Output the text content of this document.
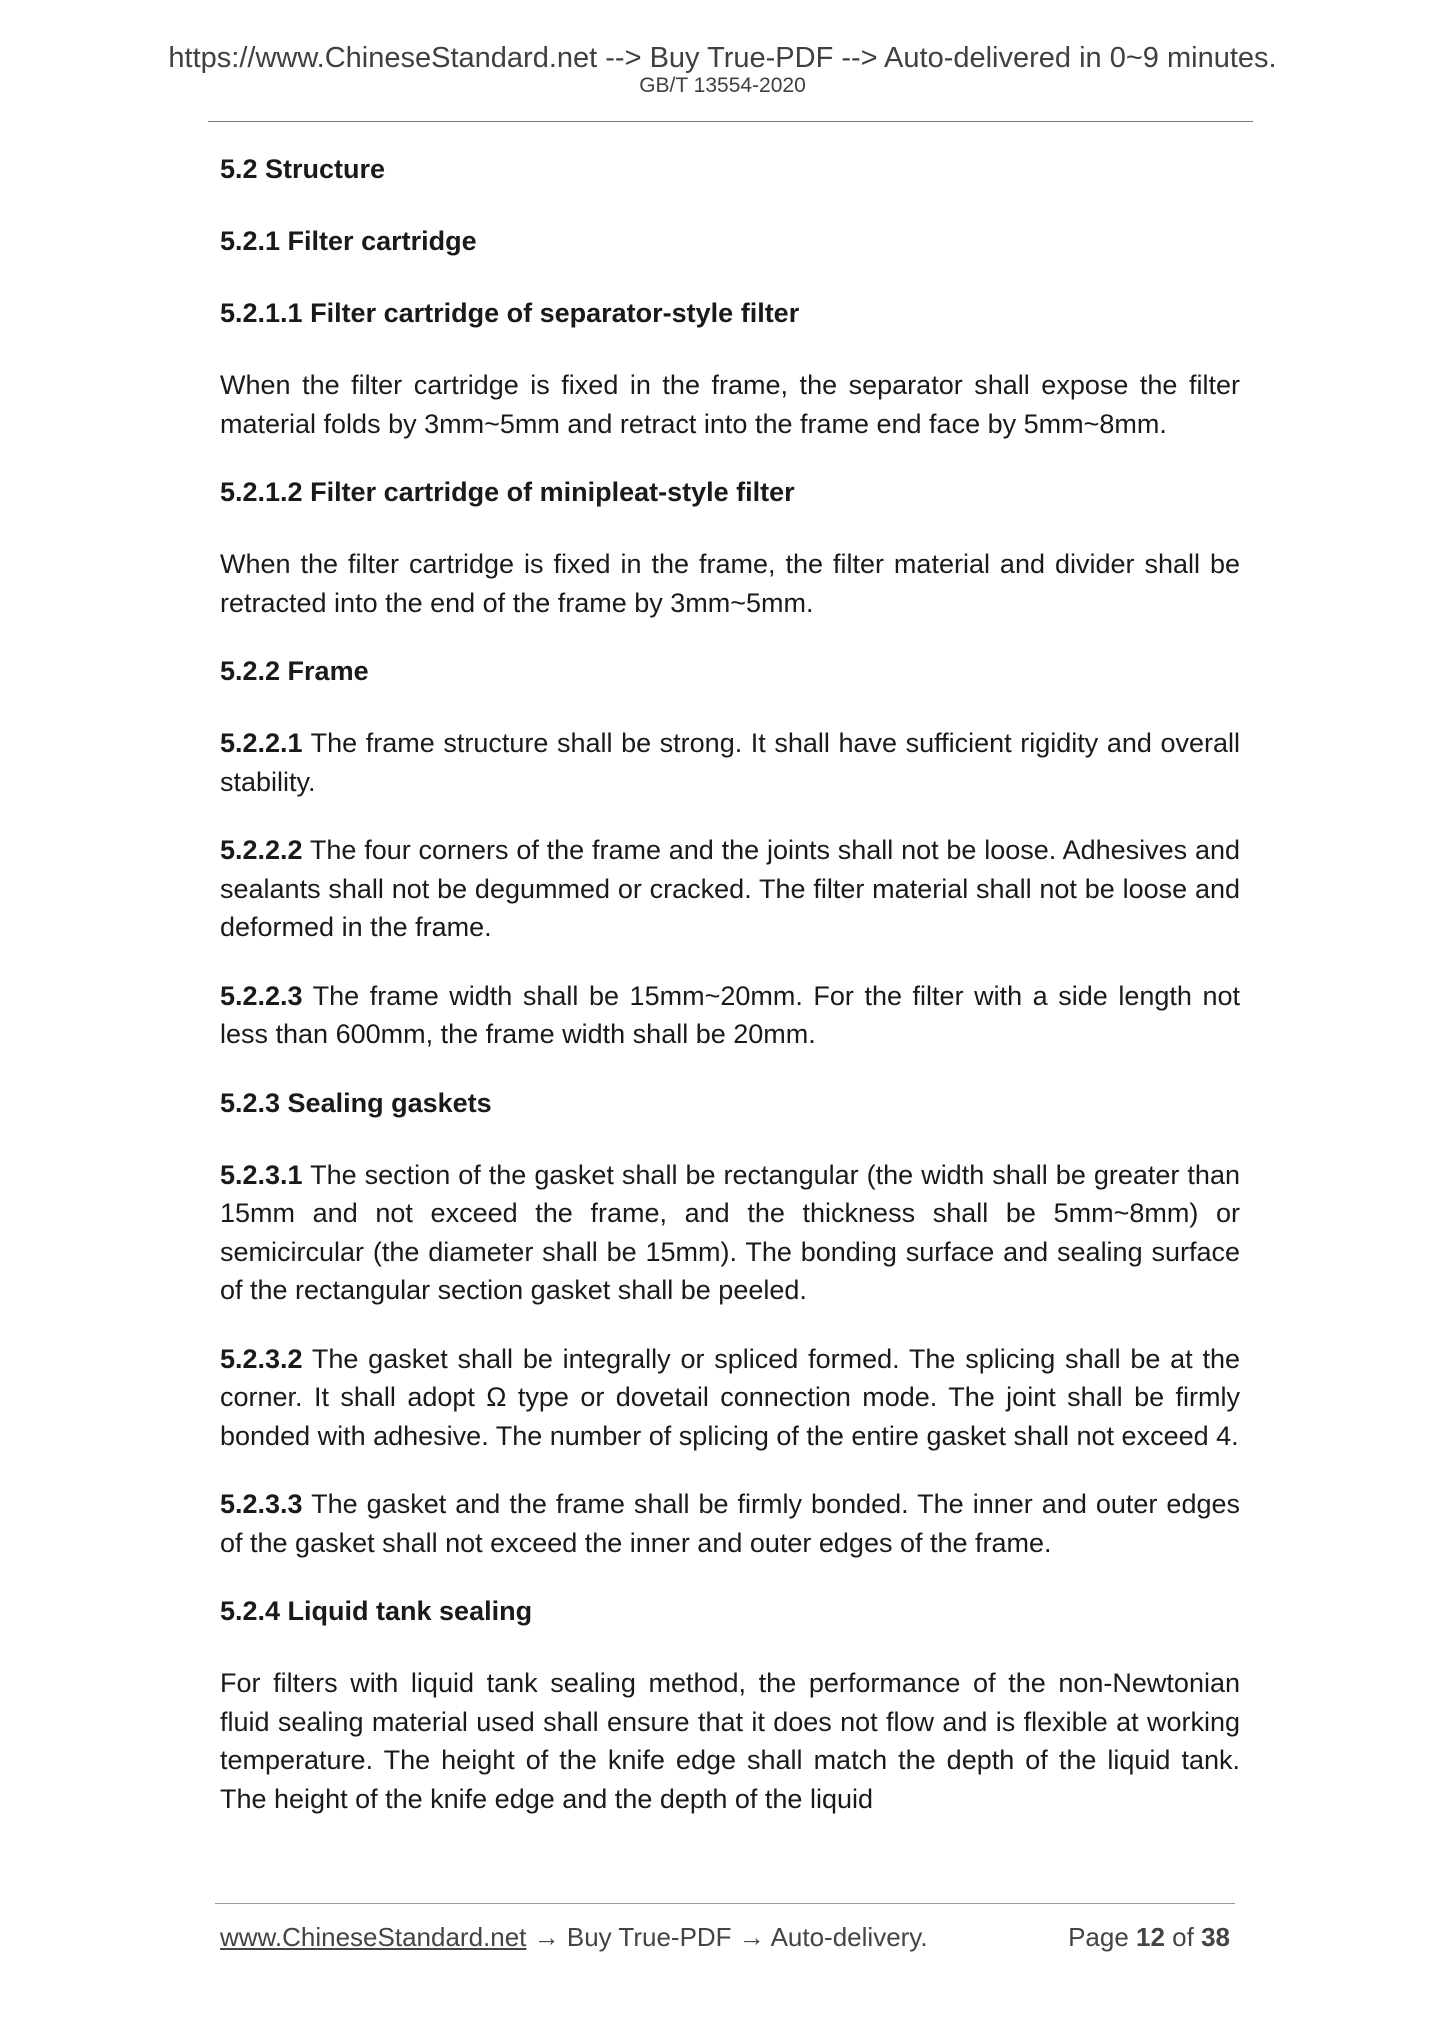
https://www.ChineseStandard.net --> Buy True-PDF --> Auto-delivered in 0~9 minutes.
GB/T 13554-2020
5.2 Structure
5.2.1 Filter cartridge
5.2.1.1 Filter cartridge of separator-style filter

When the filter cartridge is fixed in the frame, the separator shall expose the filter material folds by 3mm~5mm and retract into the frame end face by 5mm~8mm.

5.2.1.2 Filter cartridge of minipleat-style filter

When the filter cartridge is fixed in the frame, the filter material and divider shall be retracted into the end of the frame by 3mm~5mm.

5.2.2 Frame

5.2.2.1 The frame structure shall be strong. It shall have sufficient rigidity and overall stability.

5.2.2.2 The four corners of the frame and the joints shall not be loose. Adhesives and sealants shall not be degummed or cracked. The filter material shall not be loose and deformed in the frame.

5.2.2.3 The frame width shall be 15mm~20mm. For the filter with a side length not less than 600mm, the frame width shall be 20mm.

5.2.3 Sealing gaskets

5.2.3.1 The section of the gasket shall be rectangular (the width shall be greater than 15mm and not exceed the frame, and the thickness shall be 5mm~8mm) or semicircular (the diameter shall be 15mm). The bonding surface and sealing surface of the rectangular section gasket shall be peeled.

5.2.3.2 The gasket shall be integrally or spliced formed. The splicing shall be at the corner. It shall adopt Ω type or dovetail connection mode. The joint shall be firmly bonded with adhesive. The number of splicing of the entire gasket shall not exceed 4.

5.2.3.3 The gasket and the frame shall be firmly bonded. The inner and outer edges of the gasket shall not exceed the inner and outer edges of the frame.

5.2.4 Liquid tank sealing

For filters with liquid tank sealing method, the performance of the non-Newtonian fluid sealing material used shall ensure that it does not flow and is flexible at working temperature. The height of the knife edge shall match the depth of the liquid tank. The height of the knife edge and the depth of the liquid

www.ChineseStandard.net → Buy True-PDF → Auto-delivery.	Page 12 of 38
